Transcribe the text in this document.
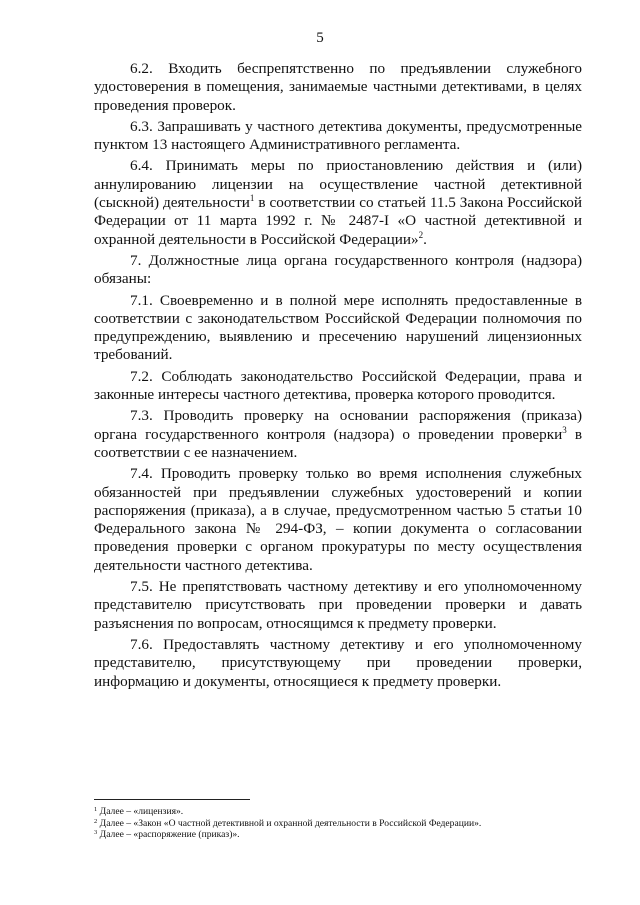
5

6.2. Входить беспрепятственно по предъявлении служебного удостоверения в помещения, занимаемые частными детективами, в целях проведения проверок.

6.3. Запрашивать у частного детектива документы, предусмотренные пунктом 13 настоящего Административного регламента.

6.4. Принимать меры по приостановлению действия и (или) аннулированию лицензии на осуществление частной детективной (сыскной) деятельности$^1$ в соответствии со статьей 11.5 Закона Российской Федерации от 11 марта 1992 г. № 2487-I «О частной детективной и охранной деятельности в Российской Федерации»$^2$.

7. Должностные лица органа государственного контроля (надзора) обязаны:

7.1. Своевременно и в полной мере исполнять предоставленные в соответствии с законодательством Российской Федерации полномочия по предупреждению, выявлению и пресечению нарушений лицензионных требований.

7.2. Соблюдать законодательство Российской Федерации, права и законные интересы частного детектива, проверка которого проводится.

7.3. Проводить проверку на основании распоряжения (приказа) органа государственного контроля (надзора) о проведении проверки$^3$ в соответствии с ее назначением.

7.4. Проводить проверку только во время исполнения служебных обязанностей при предъявлении служебных удостоверений и копии распоряжения (приказа), а в случае, предусмотренном частью 5 статьи 10 Федерального закона № 294-ФЗ, – копии документа о согласовании проведения проверки с органом прокуратуры по месту осуществления деятельности частного детектива.

7.5. Не препятствовать частному детективу и его уполномоченному представителю присутствовать при проведении проверки и давать разъяснения по вопросам, относящимся к предмету проверки.

7.6. Предоставлять частному детективу и его уполномоченному представителю, присутствующему при проведении проверки, информацию и документы, относящиеся к предмету проверки.

$^1$ Далее – «лицензия».

$^2$ Далее – «Закон «О частной детективной и охранной деятельности в Российской Федерации».

$^3$ Далее – «распоряжение (приказ)».
